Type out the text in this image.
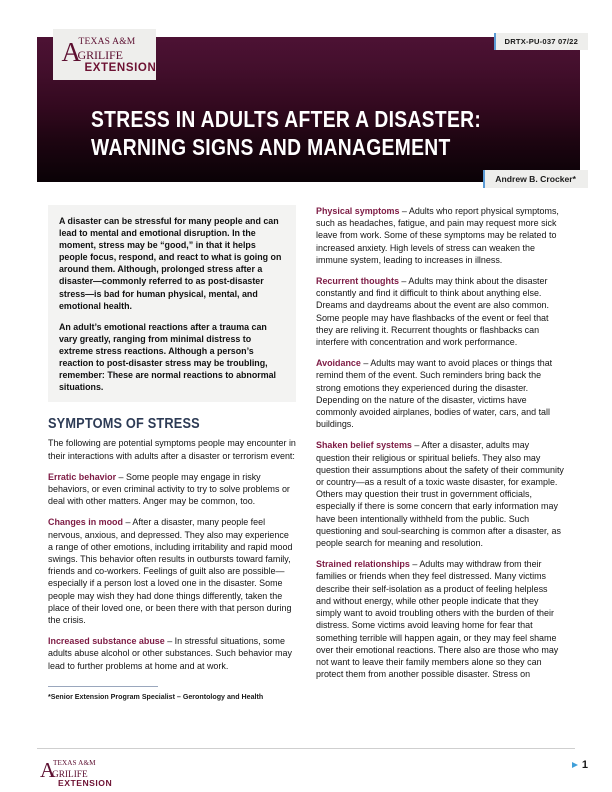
STRESS IN ADULTS AFTER A DISASTER:
WARNING SIGNS AND MANAGEMENT
A
TEXAS A&M
GRILIFE
EXTENSION
DRTX-PU-037 07/22
Andrew B. Crocker*

A disaster can be stressful for many people and can lead to mental and emotional disruption. In the moment, stress may be “good,” in that it helps people focus, respond, and react to what is going on around them. Although, prolonged stress after a disaster—commonly referred to as post-disaster stress—is bad for human physical, mental, and emotional health.

An adult’s emotional reactions after a trauma can vary greatly, ranging from minimal distress to extreme stress reactions. Although a person’s reaction to post-disaster stress may be troubling, remember: These are normal reactions to abnormal situations.

SYMPTOMS OF STRESS

The following are potential symptoms people may encounter in their interactions with adults after a disaster or terrorism event:

Erratic behavior – Some people may engage in risky behaviors, or even criminal activity to try to solve problems or deal with other matters. Anger may be common, too.

Changes in mood – After a disaster, many people feel nervous, anxious, and depressed. They also may experience a range of other emotions, including irritability and rapid mood swings. This behavior often results in outbursts toward family, friends and co-workers. Feelings of guilt also are possible—especially if a person lost a loved one in the disaster. Some people may wish they had done things differently, taken the place of their loved one, or been there with that person during the crisis.

Increased substance abuse – In stressful situations, some adults abuse alcohol or other substances. Such behavior may lead to further problems at home and at work.

*Senior Extension Program Specialist – Gerontology and Health

Physical symptoms – Adults who report physical symptoms, such as headaches, fatigue, and pain may request more sick leave from work. Some of these symptoms may be related to increased anxiety. High levels of stress can weaken the immune system, leading to increases in illness.

Recurrent thoughts – Adults may think about the disaster constantly and find it difficult to think about anything else. Dreams and daydreams about the event are also common. Some people may have flashbacks of the event or feel that they are reliving it. Recurrent thoughts or flashbacks can interfere with concentration and work performance.

Avoidance – Adults may want to avoid places or things that remind them of the event. Such reminders bring back the strong emotions they experienced during the disaster. Depending on the nature of the disaster, victims have commonly avoided airplanes, bodies of water, cars, and tall buildings.

Shaken belief systems – After a disaster, adults may question their religious or spiritual beliefs. They also may question their assumptions about the safety of their community or country—as a result of a toxic waste disaster, for example. Others may question their trust in government officials, especially if there is some concern that early information may have been intentionally withheld from the public. Such questioning and soul-searching is common after a disaster, as people search for meaning and resolution.

Strained relationships – Adults may withdraw from their families or friends when they feel distressed. Many victims describe their self-isolation as a product of feeling helpless and without energy, while other people indicate that they simply want to avoid troubling others with the burden of their distress. Some victims avoid leaving home for fear that something terrible will happen again, or they may feel shame over their emotional reactions. There also are those who may not want to leave their family members alone so they can protect them from another possible disaster. Stress on

A
TEXAS A&M
GRILIFE
EXTENSION
1
